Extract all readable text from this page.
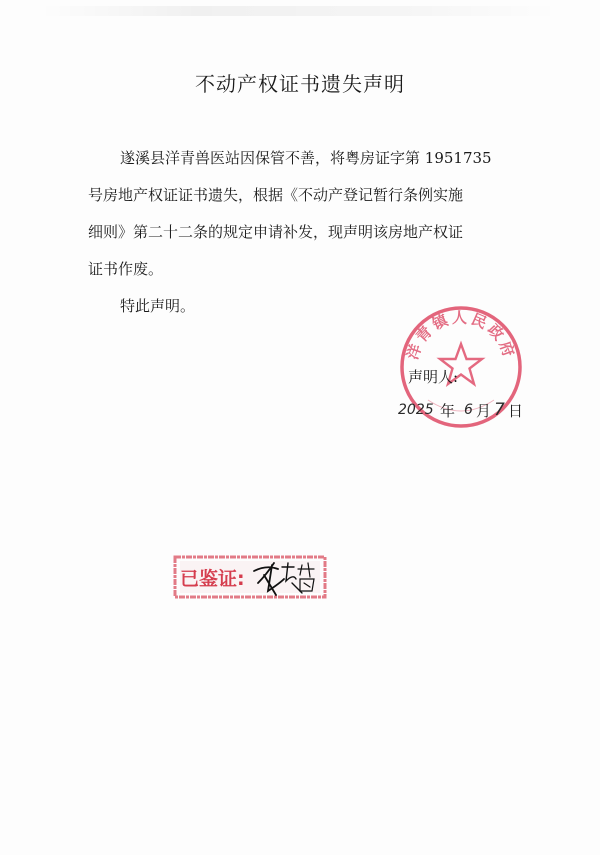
不动产权证书遗失声明
遂溪县洋青兽医站因保管不善，将粤房证字第 1951735
号房地产权证证书遗失，根据《不动产登记暂行条例实施
细则》第二十二条的规定申请补发，现声明该房地产权证
证书作废。
特此声明。
洋青镇人民政府
声明人:
2025 年 6 月 7 日
已鉴证:
